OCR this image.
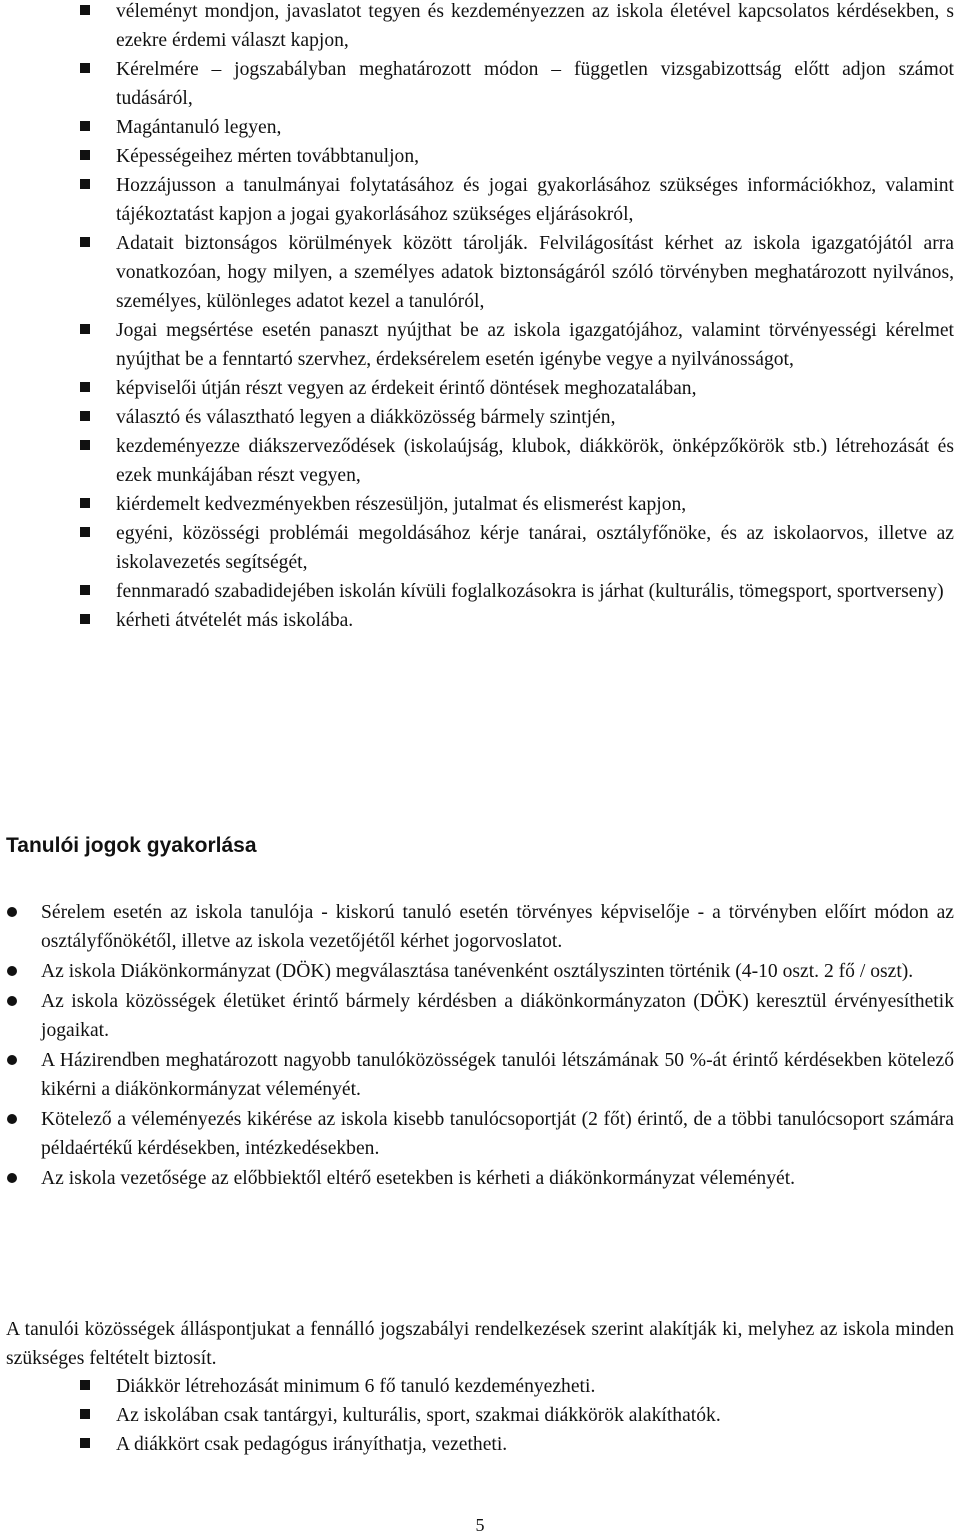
véleményt mondjon, javaslatot tegyen és kezdeményezzen az iskola életével kapcsolatos kérdésekben, s ezekre érdemi választ kapjon,
Kérelmére – jogszabályban meghatározott módon – független vizsgabizottság előtt adjon számot tudásáról,
Magántanuló legyen,
Képességeihez mérten továbbtanuljon,
Hozzájusson a tanulmányai folytatásához és jogai gyakorlásához szükséges információkhoz, valamint tájékoztatást kapjon a jogai gyakorlásához szükséges eljárásokról,
Adatait biztonságos körülmények között tárolják. Felvilágosítást kérhet az iskola igazgatójától arra vonatkozóan, hogy milyen, a személyes adatok biztonságáról szóló törvényben meghatározott nyilvános, személyes, különleges adatot kezel a tanulóról,
Jogai megsértése esetén panaszt nyújthat be az iskola igazgatójához, valamint törvényességi kérelmet nyújthat be a fenntartó szervhez, érdeksérelem esetén igénybe vegye a nyilvánosságot,
képviselői útján részt vegyen az érdekeit érintő döntések meghozatalában,
választó és választható legyen a diákközösség bármely szintjén,
kezdeményezze diákszerveződések (iskolaújság, klubok, diákkörök, önképzőkörök stb.) létrehozását és ezek munkájában részt vegyen,
kiérdemelt kedvezményekben részesüljön, jutalmat és elismerést kapjon,
egyéni, közösségi problémái megoldásához kérje tanárai, osztályfőnöke, és az iskolaorvos, illetve az iskolavezetés segítségét,
fennmaradó szabadidejében iskolán kívüli foglalkozásokra is járhat (kulturális, tömegsport, sportverseny)
kérheti átvételét más iskolába.
Tanulói jogok gyakorlása
Sérelem esetén az iskola tanulója - kiskorú tanuló esetén törvényes képviselője - a törvényben előírt módon az osztályfőnökétől, illetve az iskola vezetőjétől kérhet jogorvoslatot.
Az iskola Diákönkormányzat (DÖK) megválasztása tanévenként osztályszinten történik (4-10 oszt. 2 fő / oszt).
Az iskola közösségek életüket érintő bármely kérdésben a diákönkormányzaton (DÖK) keresztül érvényesíthetik jogaikat.
A Házirendben meghatározott nagyobb tanulóközösségek tanulói létszámának 50 %-át érintő kérdésekben kötelező kikérni a diákönkormányzat véleményét.
Kötelező a véleményezés kikérése az iskola kisebb tanulócsoportját (2 főt) érintő, de a többi tanulócsoport számára példaértékű kérdésekben, intézkedésekben.
Az iskola vezetősége az előbbiektől eltérő esetekben is kérheti a diákönkormányzat véleményét.

A tanulói közösségek álláspontjukat a fennálló jogszabályi rendelkezések szerint alakítják ki, melyhez az iskola minden szükséges feltételt biztosít.

Diákkör létrehozását minimum 6 fő tanuló kezdeményezheti.
Az iskolában csak tantárgyi, kulturális, sport, szakmai diákkörök alakíthatók.
A diákkört csak pedagógus irányíthatja, vezetheti.
5
